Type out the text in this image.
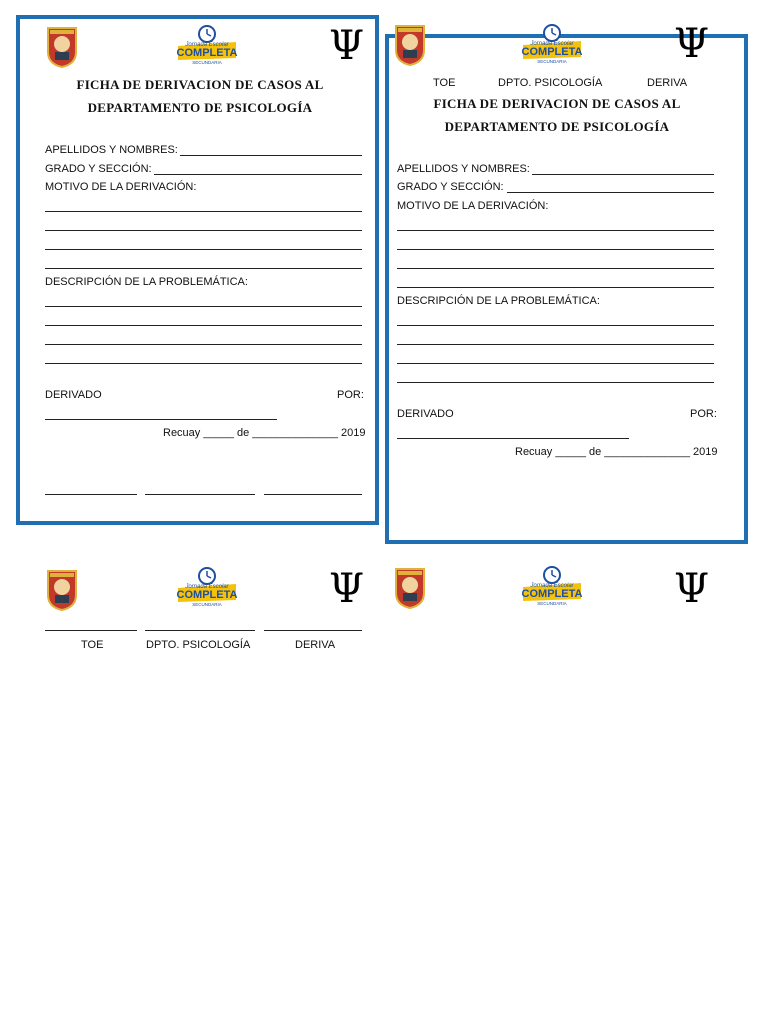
Jornada Escolar
COMPLETA
SECUNDARIA	Ψ
FICHA DE DERIVACION DE CASOS AL
DEPARTAMENTO DE PSICOLOGÍA
APELLIDOS Y NOMBRES:
GRADO Y SECCIÓN:
MOTIVO DE LA DERIVACIÓN:
DESCRIPCIÓN DE LA PROBLEMÁTICA:
DERIVADO	POR:
Recuay _____ de ______________ 2019
Jornada Escolar
COMPLETA
SECUNDARIA	Ψ
TOE	DPTO. PSICOLOGÍA	DERIVA
FICHA DE DERIVACION DE CASOS AL
DEPARTAMENTO DE PSICOLOGÍA
APELLIDOS Y NOMBRES:
GRADO Y SECCIÓN:
MOTIVO DE LA DERIVACIÓN:
DESCRIPCIÓN DE LA PROBLEMÁTICA:
DERIVADO	POR:
Recuay _____ de ______________ 2019
Jornada Escolar
COMPLETA
SECUNDARIA	Ψ
TOE	DPTO. PSICOLOGÍA	DERIVA
Jornada Escolar
COMPLETA
SECUNDARIA	Ψ
